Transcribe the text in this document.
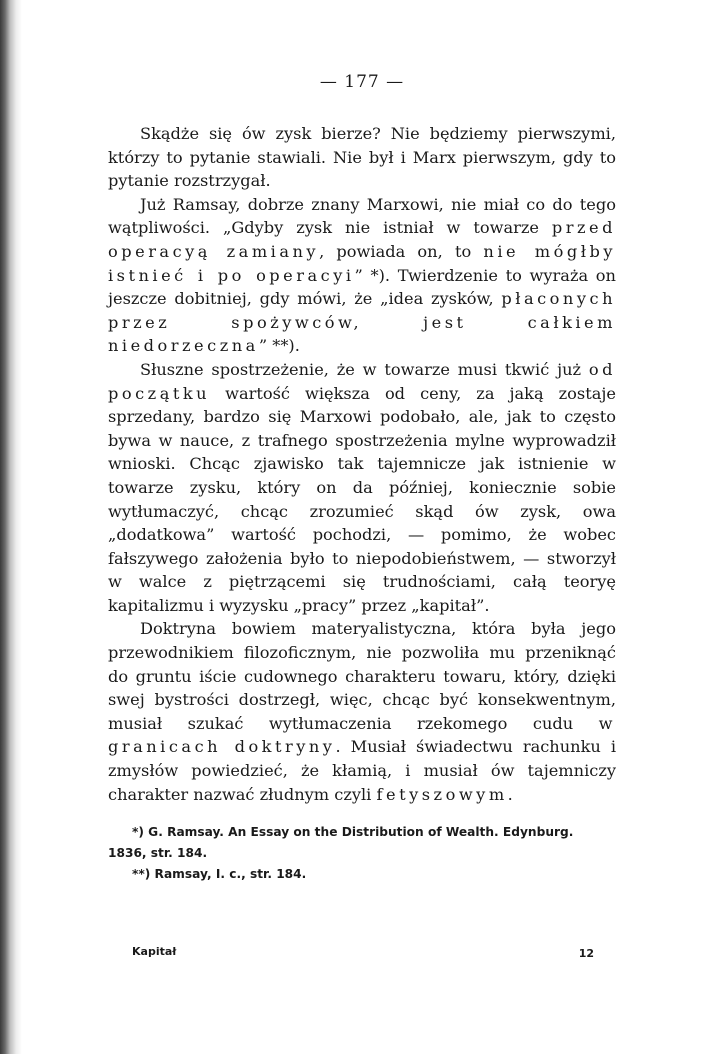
— 177 —

Skądże się ów zysk bierze? Nie będziemy pierwszymi, którzy to pytanie stawiali. Nie był i Marx pierwszym, gdy to pytanie rozstrzygał.

Już Ramsay, dobrze znany Marxowi, nie miał co do tego wątpliwości. „Gdyby zysk nie istniał w towarze przed operacyą zamiany, powiada on, to nie mógłby istnieć i po operacyi” *). Twierdzenie to wyraża on jeszcze dobitniej, gdy mówi, że „idea zysków, płaconych przez spożywców, jest całkiem niedorzeczna” **).

Słuszne spostrzeżenie, że w towarze musi tkwić już od początku wartość większa od ceny, za jaką zostaje sprzedany, bardzo się Marxowi podobało, ale, jak to często bywa w nauce, z trafnego spostrzeżenia mylne wyprowadził wnioski. Chcąc zjawisko tak tajemnicze jak istnienie w towarze zysku, który on da później, koniecznie sobie wytłumaczyć, chcąc zrozumieć skąd ów zysk, owa „dodatkowa” wartość pochodzi, — pomimo, że wobec fałszywego założenia było to niepodobieństwem, — stworzył w walce z piętrzącemi się trudnościami, całą teoryę kapitalizmu i wyzysku „pracy” przez „kapitał”.

Doktryna bowiem materyalistyczna, która była jego przewodnikiem filozoficznym, nie pozwoliła mu przeniknąć do gruntu iście cudownego charakteru towaru, który, dzięki swej bystrości dostrzegł, więc, chcąc być konsekwentnym, musiał szukać wytłumaczenia rzekomego cudu w granicach doktryny. Musiał świadectwu rachunku i zmysłów powiedzieć, że kłamią, i musiał ów tajemniczy charakter nazwać złudnym czyli fetyszowym.

*) G. Ramsay. An Essay on the Distribution of Wealth. Edynburg. 1836, str. 184.

**) Ramsay, I. c., str. 184.

Kapitał	12
